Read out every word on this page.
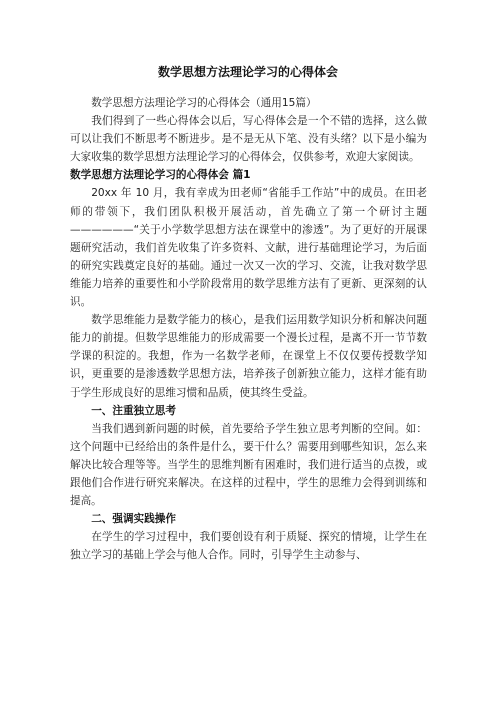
数学思想方法理论学习的心得体会

数学思想方法理论学习的心得体会（通用15篇）

我们得到了一些心得体会以后，写心得体会是一个不错的选择，这么做可以让我们不断思考不断进步。是不是无从下笔、没有头绪？以下是小编为大家收集的数学思想方法理论学习的心得体会，仅供参考，欢迎大家阅读。

数学思想方法理论学习的心得体会 篇1

20xx 年 10 月，我有幸成为田老师“省能手工作站”中的成员。在田老师的带领下，我们团队积极开展活动，首先确立了第一个研讨主题——————“关于小学数学思想方法在课堂中的渗透”。为了更好的开展课题研究活动，我们首先收集了许多资料、文献，进行基础理论学习，为后面的研究实践奠定良好的基础。通过一次又一次的学习、交流，让我对数学思维能力培养的重要性和小学阶段常用的数学思维方法有了更新、更深刻的认识。

数学思维能力是数学能力的核心，是我们运用数学知识分析和解决问题能力的前提。但数学思维能力的形成需要一个漫长过程，是离不开一节节数学课的积淀的。我想，作为一名数学老师，在课堂上不仅仅要传授数学知识，更重要的是渗透数学思想方法，培养孩子创新独立能力，这样才能有助于学生形成良好的思维习惯和品质，使其终生受益。

一、注重独立思考

当我们遇到新问题的时候，首先要给予学生独立思考判断的空间。如：这个问题中已经给出的条件是什么，要干什么？需要用到哪些知识，怎么来解决比较合理等等。当学生的思维判断有困难时，我们进行适当的点拨，或跟他们合作进行研究来解决。在这样的过程中，学生的思维力会得到训练和提高。

二、强调实践操作

在学生的学习过程中，我们要创设有利于质疑、探究的情境，让学生在独立学习的基础上学会与他人合作。同时，引导学生主动参与、
